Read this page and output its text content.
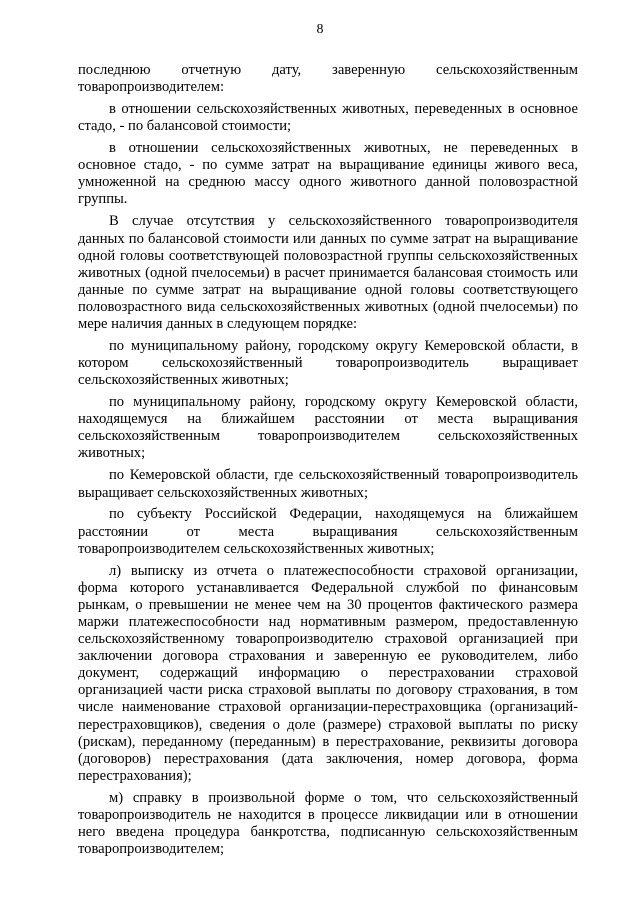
8

последнюю отчетную дату, заверенную сельскохозяйственным товаропроизводителем:

в отношении сельскохозяйственных животных, переведенных в основное стадо, - по балансовой стоимости;

в отношении сельскохозяйственных животных, не переведенных в основное стадо, - по сумме затрат на выращивание единицы живого веса, умноженной на среднюю массу одного животного данной половозрастной группы.

В случае отсутствия у сельскохозяйственного товаропроизводителя данных по балансовой стоимости или данных по сумме затрат на выращивание одной головы соответствующей половозрастной группы сельскохозяйственных животных (одной пчелосемьи) в расчет принимается балансовая стоимость или данные по сумме затрат на выращивание одной головы соответствующего половозрастного вида сельскохозяйственных животных (одной пчелосемьи) по мере наличия данных в следующем порядке:

по муниципальному району, городскому округу Кемеровской области, в котором сельскохозяйственный товаропроизводитель выращивает сельскохозяйственных животных;

по муниципальному району, городскому округу Кемеровской области, находящемуся на ближайшем расстоянии от места выращивания сельскохозяйственным товаропроизводителем сельскохозяйственных животных;

по Кемеровской области, где сельскохозяйственный товаропроизводитель выращивает сельскохозяйственных животных;

по субъекту Российской Федерации, находящемуся на ближайшем расстоянии от места выращивания сельскохозяйственным товаропроизводителем сельскохозяйственных животных;

л) выписку из отчета о платежеспособности страховой организации, форма которого устанавливается Федеральной службой по финансовым рынкам, о превышении не менее чем на 30 процентов фактического размера маржи платежеспособности над нормативным размером, предоставленную сельскохозяйственному товаропроизводителю страховой организацией при заключении договора страхования и заверенную ее руководителем, либо документ, содержащий информацию о перестраховании страховой организацией части риска страховой выплаты по договору страхования, в том числе наименование страховой организации-перестраховщика (организаций-перестраховщиков), сведения о доле (размере) страховой выплаты по риску (рискам), переданному (переданным) в перестрахование, реквизиты договора (договоров) перестрахования (дата заключения, номер договора, форма перестрахования);

м) справку в произвольной форме о том, что сельскохозяйственный товаропроизводитель не находится в процессе ликвидации или в отношении него введена процедура банкротства, подписанную сельскохозяйственным товаропроизводителем;
